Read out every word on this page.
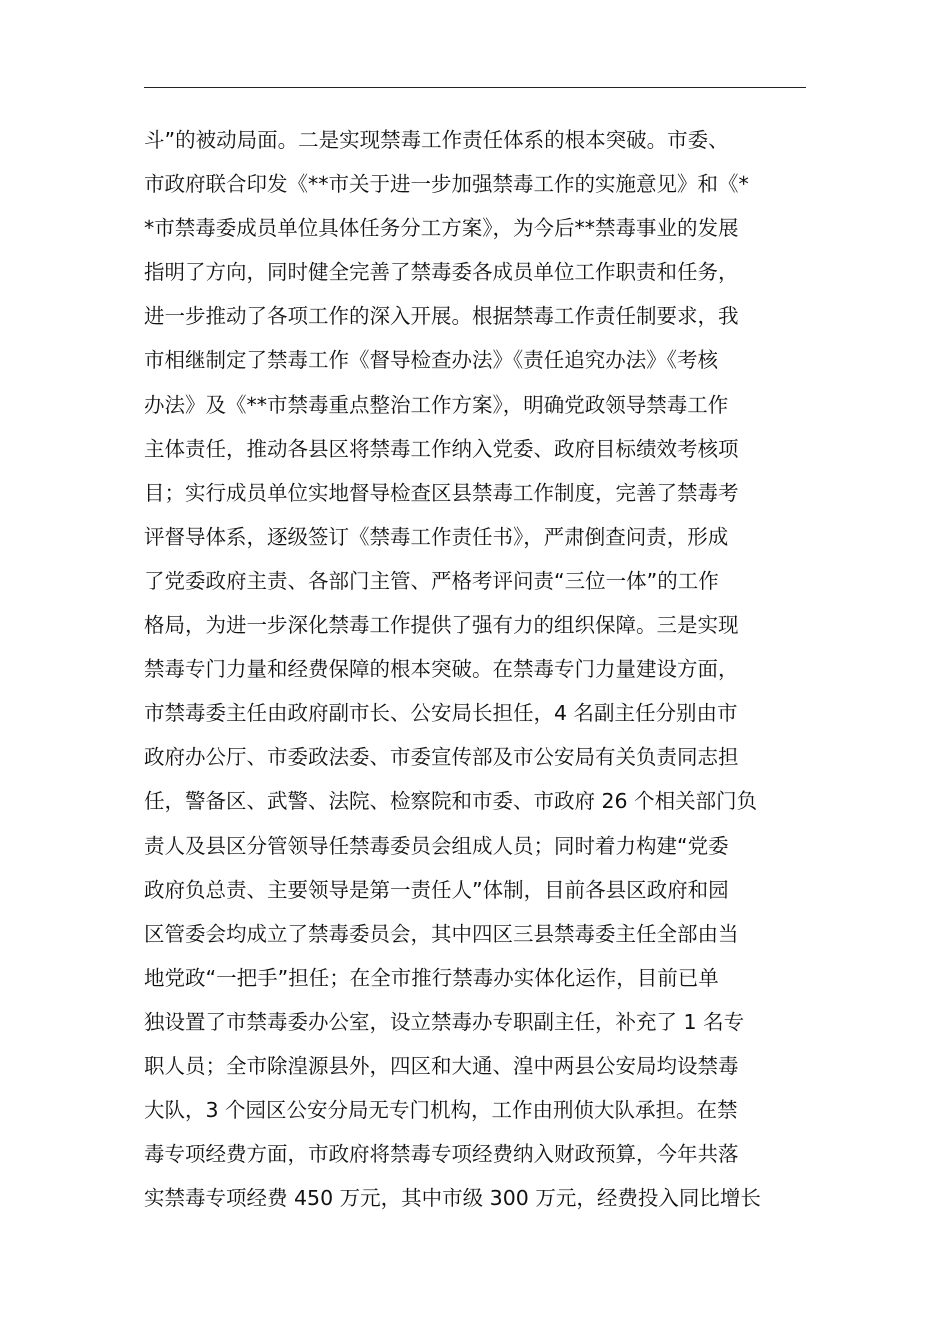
斗”的被动局面。二是实现禁毒工作责任体系的根本突破。市委、
市政府联合印发《**市关于进一步加强禁毒工作的实施意见》和《*
*市禁毒委成员单位具体任务分工方案》，为今后**禁毒事业的发展
指明了方向，同时健全完善了禁毒委各成员单位工作职责和任务，
进一步推动了各项工作的深入开展。根据禁毒工作责任制要求，我
市相继制定了禁毒工作《督导检查办法》《责任追究办法》《考核
办法》及《**市禁毒重点整治工作方案》，明确党政领导禁毒工作
主体责任，推动各县区将禁毒工作纳入党委、政府目标绩效考核项
目；实行成员单位实地督导检查区县禁毒工作制度，完善了禁毒考
评督导体系，逐级签订《禁毒工作责任书》，严肃倒查问责，形成
了党委政府主责、各部门主管、严格考评问责“三位一体”的工作
格局，为进一步深化禁毒工作提供了强有力的组织保障。三是实现
禁毒专门力量和经费保障的根本突破。在禁毒专门力量建设方面，
市禁毒委主任由政府副市长、公安局长担任，4 名副主任分别由市
政府办公厅、市委政法委、市委宣传部及市公安局有关负责同志担
任，警备区、武警、法院、检察院和市委、市政府 26 个相关部门负
责人及县区分管领导任禁毒委员会组成人员；同时着力构建“党委
政府负总责、主要领导是第一责任人”体制，目前各县区政府和园
区管委会均成立了禁毒委员会，其中四区三县禁毒委主任全部由当
地党政“一把手”担任；在全市推行禁毒办实体化运作，目前已单
独设置了市禁毒委办公室，设立禁毒办专职副主任，补充了 1 名专
职人员；全市除湟源县外，四区和大通、湟中两县公安局均设禁毒
大队，3 个园区公安分局无专门机构，工作由刑侦大队承担。在禁
毒专项经费方面，市政府将禁毒专项经费纳入财政预算，今年共落
实禁毒专项经费 450 万元，其中市级 300 万元，经费投入同比增长
